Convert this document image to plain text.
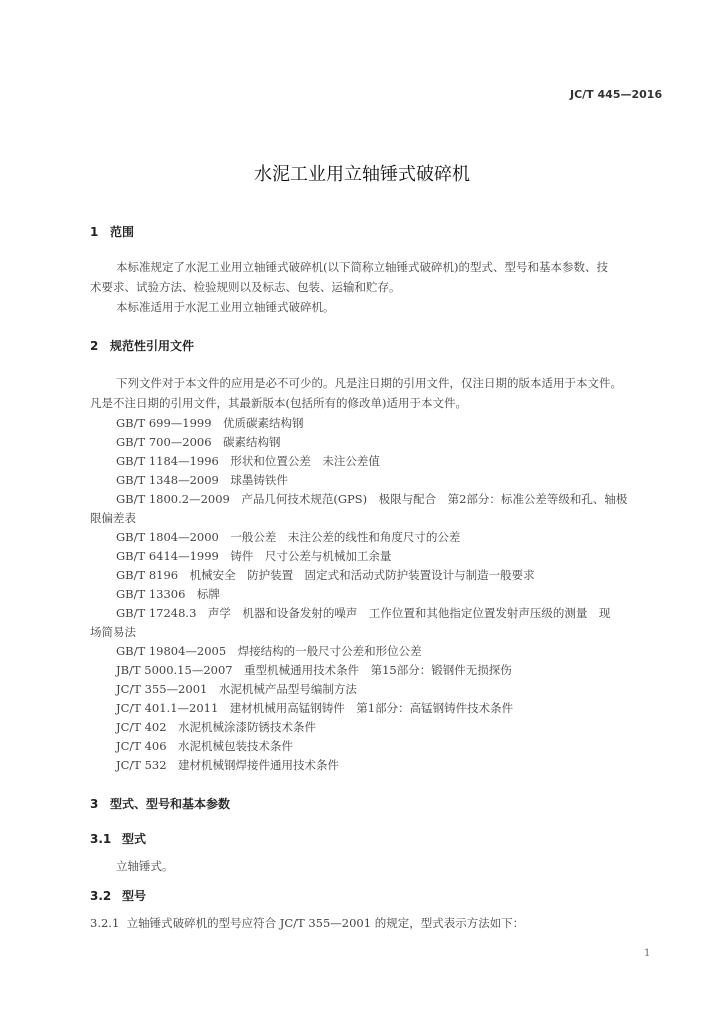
JC/T 445—2016
水泥工业用立轴锤式破碎机
1 范围
本标准规定了水泥工业用立轴锤式破碎机(以下简称立轴锤式破碎机)的型式、型号和基本参数、技
术要求、试验方法、检验规则以及标志、包装、运输和贮存。
本标准适用于水泥工业用立轴锤式破碎机。
2 规范性引用文件
下列文件对于本文件的应用是必不可少的。凡是注日期的引用文件，仅注日期的版本适用于本文件。
凡是不注日期的引用文件，其最新版本(包括所有的修改单)适用于本文件。
GB/T 699—1999　优质碳素结构钢
GB/T 700—2006　碳素结构钢
GB/T 1184—1996　形状和位置公差　未注公差值
GB/T 1348—2009　球墨铸铁件
GB/T 1800.2—2009　产品几何技术规范(GPS)　极限与配合　第2部分：标准公差等级和孔、轴极
限偏差表
GB/T 1804—2000　一般公差　未注公差的线性和角度尺寸的公差
GB/T 6414—1999　铸件　尺寸公差与机械加工余量
GB/T 8196　机械安全　防护装置　固定式和活动式防护装置设计与制造一般要求
GB/T 13306　标牌
GB/T 17248.3　声学　机器和设备发射的噪声　工作位置和其他指定位置发射声压级的测量　现
场简易法
GB/T 19804—2005　焊接结构的一般尺寸公差和形位公差
JB/T 5000.15—2007　重型机械通用技术条件　第15部分：锻钢件无损探伤
JC/T 355—2001　水泥机械产品型号编制方法
JC/T 401.1—2011　建材机械用高锰钢铸件　第1部分：高锰钢铸件技术条件
JC/T 402　水泥机械涂漆防锈技术条件
JC/T 406　水泥机械包装技术条件
JC/T 532　建材机械钢焊接件通用技术条件
3 型式、型号和基本参数
3.1 型式
立轴锤式。
3.2 型号
3.2.1 立轴锤式破碎机的型号应符合 JC/T 355—2001 的规定，型式表示方法如下：
1
